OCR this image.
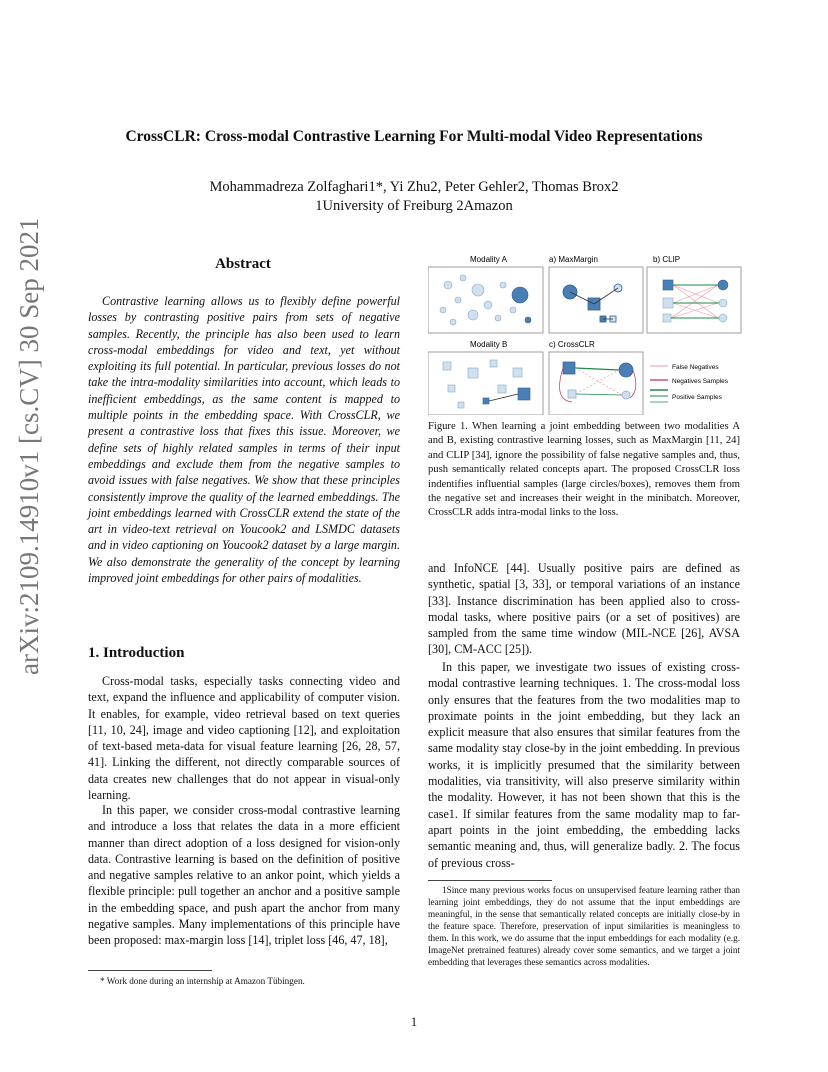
arXiv:2109.14910v1 [cs.CV] 30 Sep 2021
CrossCLR: Cross-modal Contrastive Learning For Multi-modal Video Representations
Mohammadreza Zolfaghari1*, Yi Zhu2, Peter Gehler2, Thomas Brox2
1University of Freiburg 2Amazon
Abstract
Contrastive learning allows us to flexibly define powerful losses by contrasting positive pairs from sets of negative samples. Recently, the principle has also been used to learn cross-modal embeddings for video and text, yet without exploiting its full potential. In particular, previous losses do not take the intra-modality similarities into account, which leads to inefficient embeddings, as the same content is mapped to multiple points in the embedding space. With CrossCLR, we present a contrastive loss that fixes this issue. Moreover, we define sets of highly related samples in terms of their input embeddings and exclude them from the negative samples to avoid issues with false negatives. We show that these principles consistently improve the quality of the learned embeddings. The joint embeddings learned with CrossCLR extend the state of the art in video-text retrieval on Youcook2 and LSMDC datasets and in video captioning on Youcook2 dataset by a large margin. We also demonstrate the generality of the concept by learning improved joint embeddings for other pairs of modalities.
1. Introduction
Cross-modal tasks, especially tasks connecting video and text, expand the influence and applicability of computer vision. It enables, for example, video retrieval based on text queries [11, 10, 24], image and video captioning [12], and exploitation of text-based meta-data for visual feature learning [26, 28, 57, 41]. Linking the different, not directly comparable sources of data creates new challenges that do not appear in visual-only learning.
In this paper, we consider cross-modal contrastive learning and introduce a loss that relates the data in a more efficient manner than direct adoption of a loss designed for vision-only data. Contrastive learning is based on the definition of positive and negative samples relative to an ankor point, which yields a flexible principle: pull together an anchor and a positive sample in the embedding space, and push apart the anchor from many negative samples. Many implementations of this principle have been proposed: max-margin loss [14], triplet loss [46, 47, 18],
* Work done during an internship at Amazon Tübingen.
Modality A	a) MaxMargin	b) CLIP
Modality B	c) CrossCLR
False Negatives
Negatives Samples
Positive Samples
Figure 1. When learning a joint embedding between two modalities A and B, existing contrastive learning losses, such as MaxMargin [11, 24] and CLIP [34], ignore the possibility of false negative samples and, thus, push semantically related concepts apart. The proposed CrossCLR loss indentifies influential samples (large circles/boxes), removes them from the negative set and increases their weight in the minibatch. Moreover, CrossCLR adds intra-modal links to the loss.
and InfoNCE [44]. Usually positive pairs are defined as synthetic, spatial [3, 33], or temporal variations of an instance [33]. Instance discrimination has been applied also to cross-modal tasks, where positive pairs (or a set of positives) are sampled from the same time window (MIL-NCE [26], AVSA [30], CM-ACC [25]).
In this paper, we investigate two issues of existing cross-modal contrastive learning techniques. 1. The cross-modal loss only ensures that the features from the two modalities map to proximate points in the joint embedding, but they lack an explicit measure that also ensures that similar features from the same modality stay close-by in the joint embedding. In previous works, it is implicitly presumed that the similarity between modalities, via transitivity, will also preserve similarity within the modality. However, it has not been shown that this is the case1. If similar features from the same modality map to far-apart points in the joint embedding, the embedding lacks semantic meaning and, thus, will generalize badly. 2. The focus of previous cross-
1Since many previous works focus on unsupervised feature learning rather than learning joint embeddings, they do not assume that the input embeddings are meaningful, in the sense that semantically related concepts are initially close-by in the feature space. Therefore, preservation of input similarities is meaningless to them. In this work, we do assume that the input embeddings for each modality (e.g. ImageNet pretrained features) already cover some semantics, and we target a joint embedding that leverages these semantics across modalities.
1
